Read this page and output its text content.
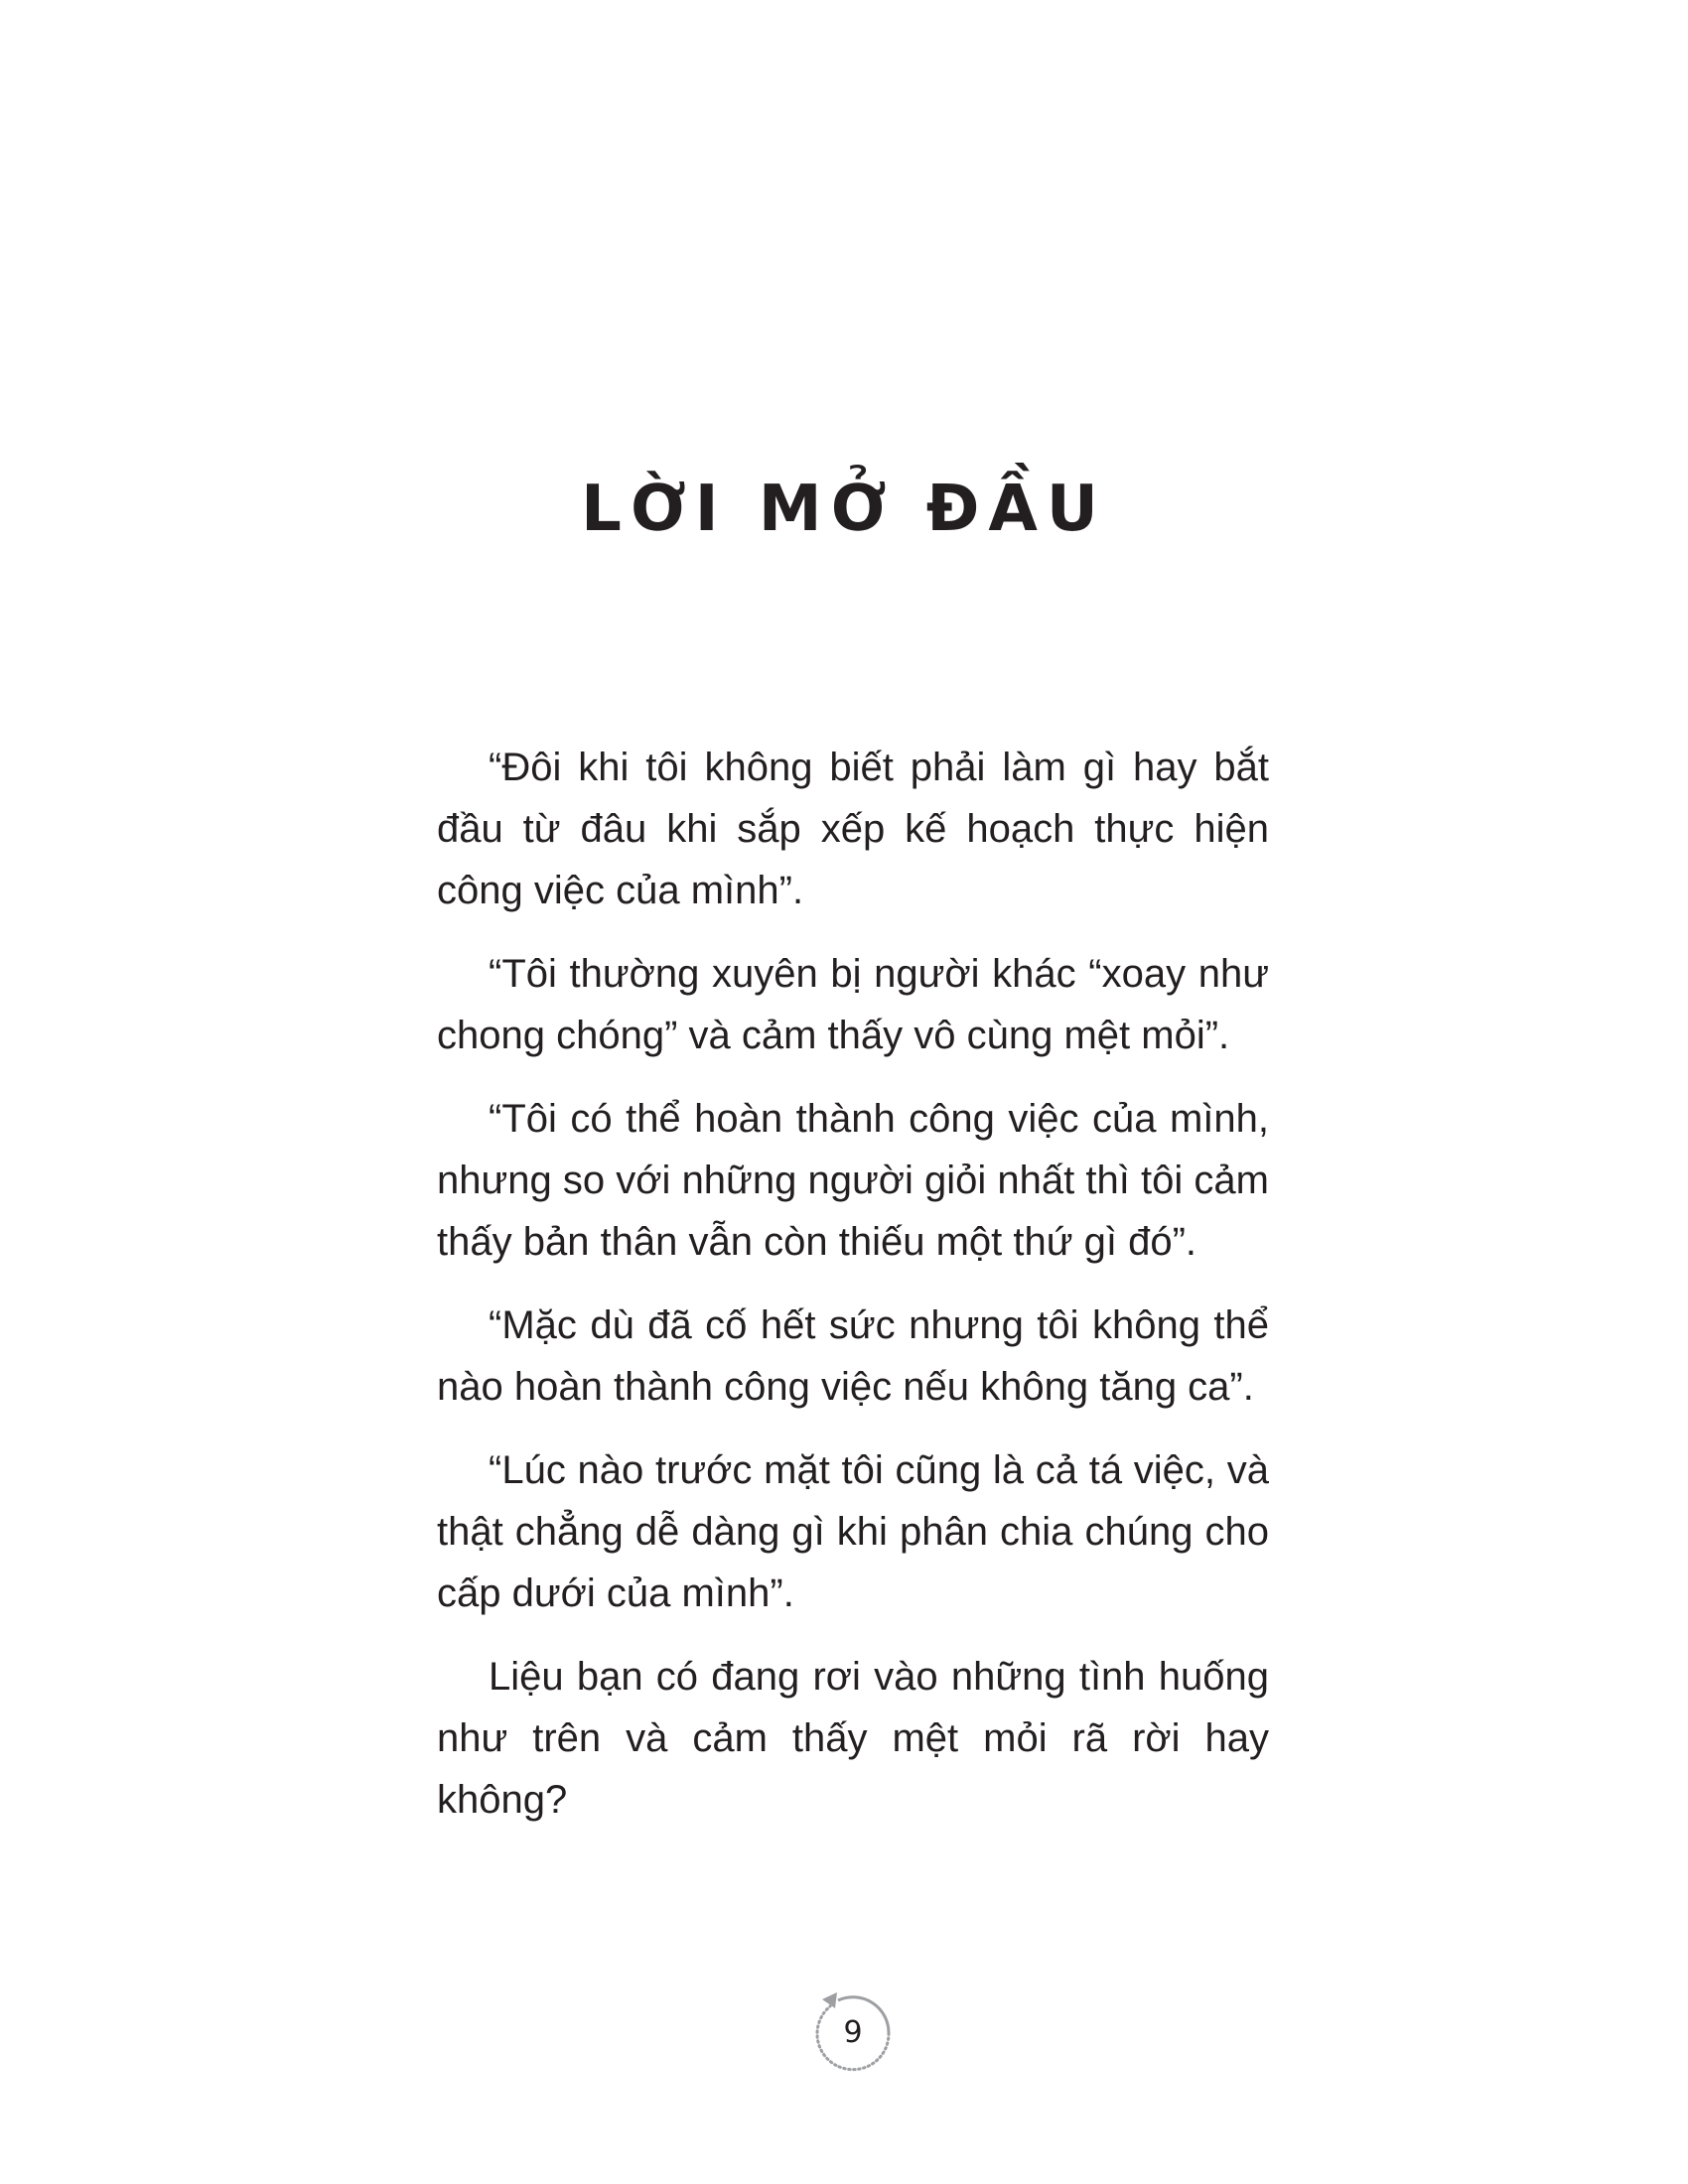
LỜI MỞ ĐẦU

“Đôi khi tôi không biết phải làm gì hay bắt đầu từ đâu khi sắp xếp kế hoạch thực hiện công việc của mình”.

“Tôi thường xuyên bị người khác “xoay như chong chóng” và cảm thấy vô cùng mệt mỏi”.

“Tôi có thể hoàn thành công việc của mình, nhưng so với những người giỏi nhất thì tôi cảm thấy bản thân vẫn còn thiếu một thứ gì đó”.

“Mặc dù đã cố hết sức nhưng tôi không thể nào hoàn thành công việc nếu không tăng ca”.

“Lúc nào trước mặt tôi cũng là cả tá việc, và thật chẳng dễ dàng gì khi phân chia chúng cho cấp dưới của mình”.

Liệu bạn có đang rơi vào những tình huống như trên và cảm thấy mệt mỏi rã rời hay không?

9
